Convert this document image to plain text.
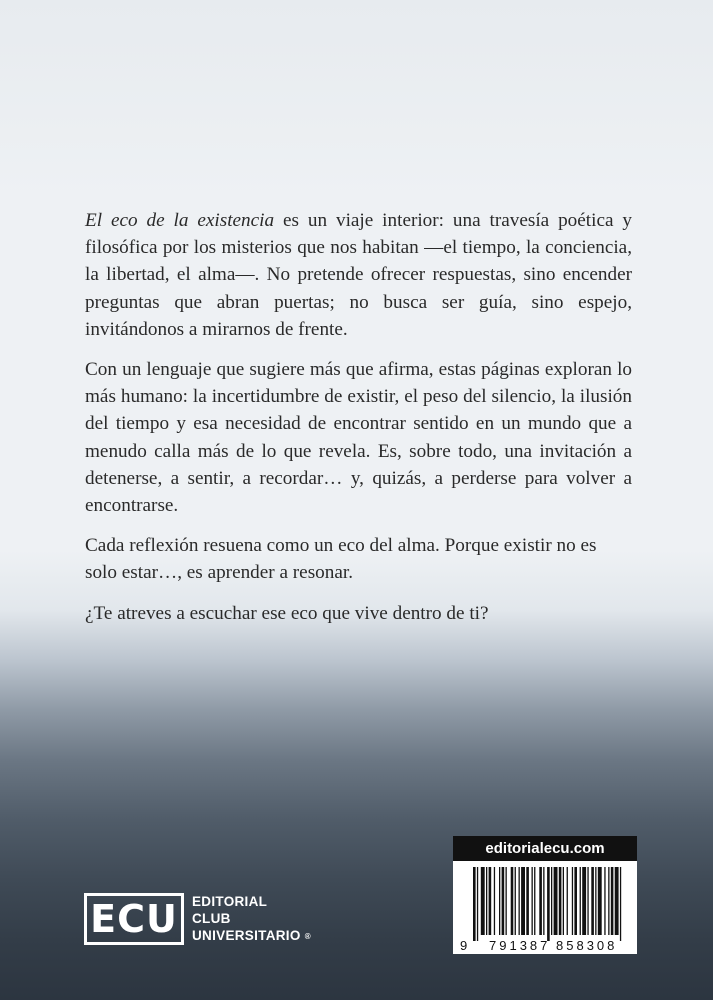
El eco de la existencia es un viaje interior: una travesía poética y filosófica por los misterios que nos habitan —el tiempo, la conciencia, la libertad, el alma—. No pretende ofrecer respuestas, sino encender preguntas que abran puertas; no busca ser guía, sino espejo, invitándonos a mirarnos de frente.

Con un lenguaje que sugiere más que afirma, estas páginas exploran lo más humano: la incertidumbre de existir, el peso del silencio, la ilusión del tiempo y esa necesidad de encontrar sentido en un mundo que a menudo calla más de lo que revela. Es, sobre todo, una invitación a detenerse, a sentir, a recordar… y, quizás, a perderse para volver a encontrarse.

Cada reflexión resuena como un eco del alma. Porque existir no es solo estar…, es aprender a resonar.

¿Te atreves a escuchar ese eco que vive dentro de ti?

ECU	EDITORIAL
CLUB
UNIVERSITARIO ®
editorialecu.com
9 791387 858308
